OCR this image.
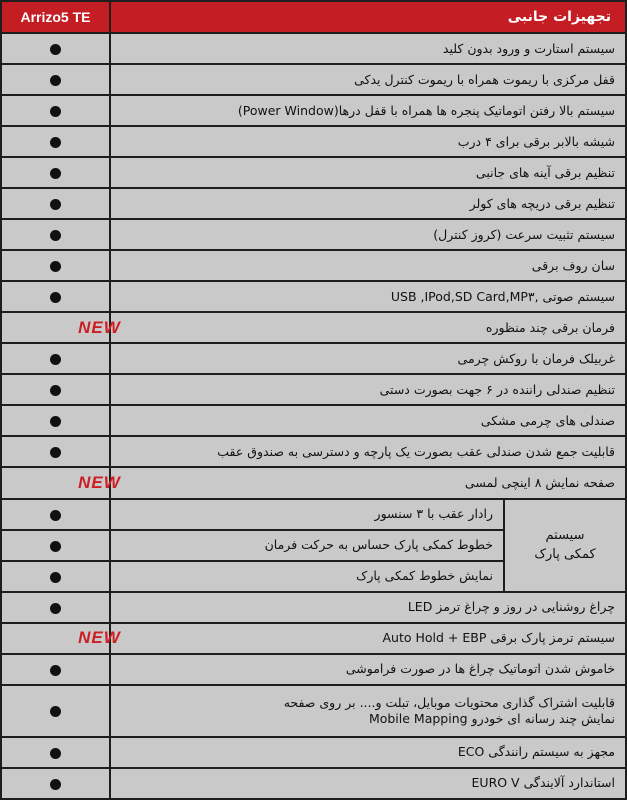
Arrizo5 TE	تجهیزات جانبی	
	سیستم استارت و ورود بدون کلید	
	قفل مرکزی با ریموت همراه با ریموت کنترل یدکی	
	سیستم بالا رفتن اتوماتیک پنجره ها همراه با قفل درها(Power Window)	
	شیشه بالابر برقی برای ۴ درب	
	تنظیم برقی آینه های جانبی	
	تنظیم برقی دریچه های کولر	
	سیستم تثبیت سرعت (کروز کنترل)	
	سان روف برقی	
	سیستم صوتی ,USB ,IPod,SD Card,MP۳	
NEW	فرمان برقی چند منظوره	
	غربیلک فرمان با روکش چرمی	
	تنظیم صندلی راننده در ۶ جهت بصورت دستی	
	صندلی های چرمی مشکی	
	قابلیت جمع شدن صندلی عقب بصورت یک پارچه و دسترسی به صندوق عقب	
NEW	صفحه نمایش ۸ اینچی لمسی	
	رادار عقب با ۳ سنسور	سیستم
کمکی پارک

	خطوط کمکی پارک حساس به حرکت فرمان	
	نمایش خطوط کمکی پارک	
	چراغ روشنایی در روز و چراغ ترمز LED	
NEW	سیستم ترمز پارک برقی Auto Hold + EBP	
	خاموش شدن اتوماتیک چراغ ها در صورت فراموشی	

	قابلیت اشتراک گذاری محتویات موبایل، تبلت و.... بر روی صفحه
نمایش چند رسانه ای خودرو Mobile Mapping	

	مجهز به سیستم رانندگی ECO	
	استاندارد آلایندگی EURO V	
